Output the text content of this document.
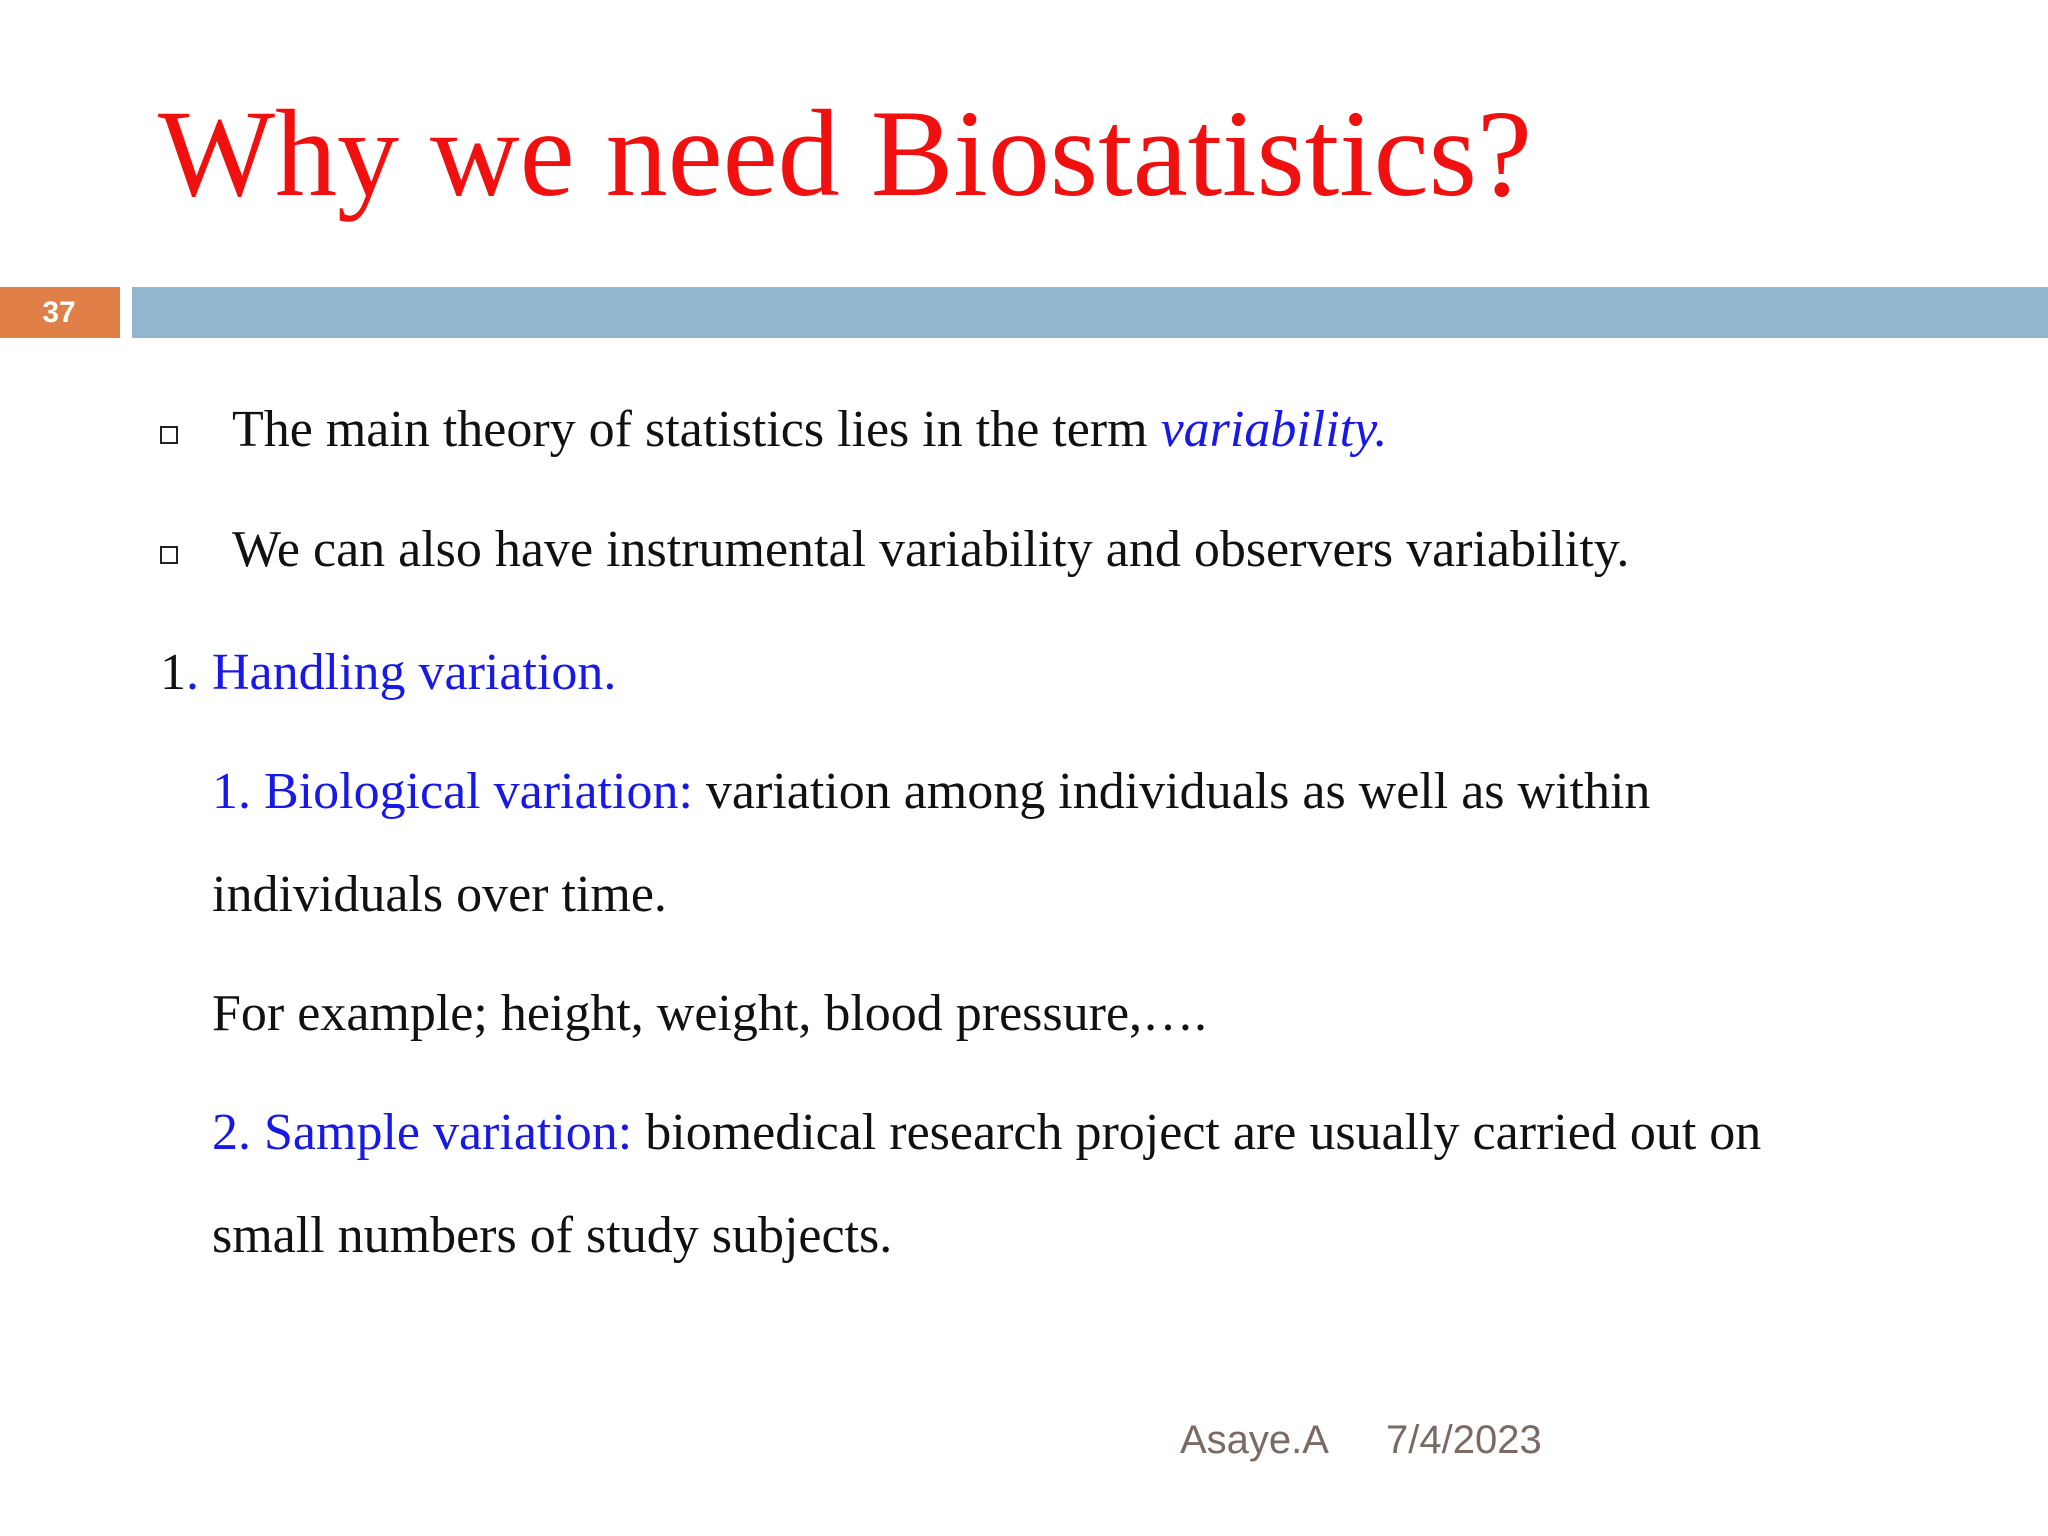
Why we need Biostatistics?
37

The main theory of statistics lies in the term variability.

We can also have instrumental variability and observers variability.

1. Handling variation.

1. Biological variation: variation among individuals as well as within

individuals over time.

For example; height, weight, blood pressure,….

2. Sample variation: biomedical research project are usually carried out on

small numbers of study subjects.

Asaye.A 7/4/2023
